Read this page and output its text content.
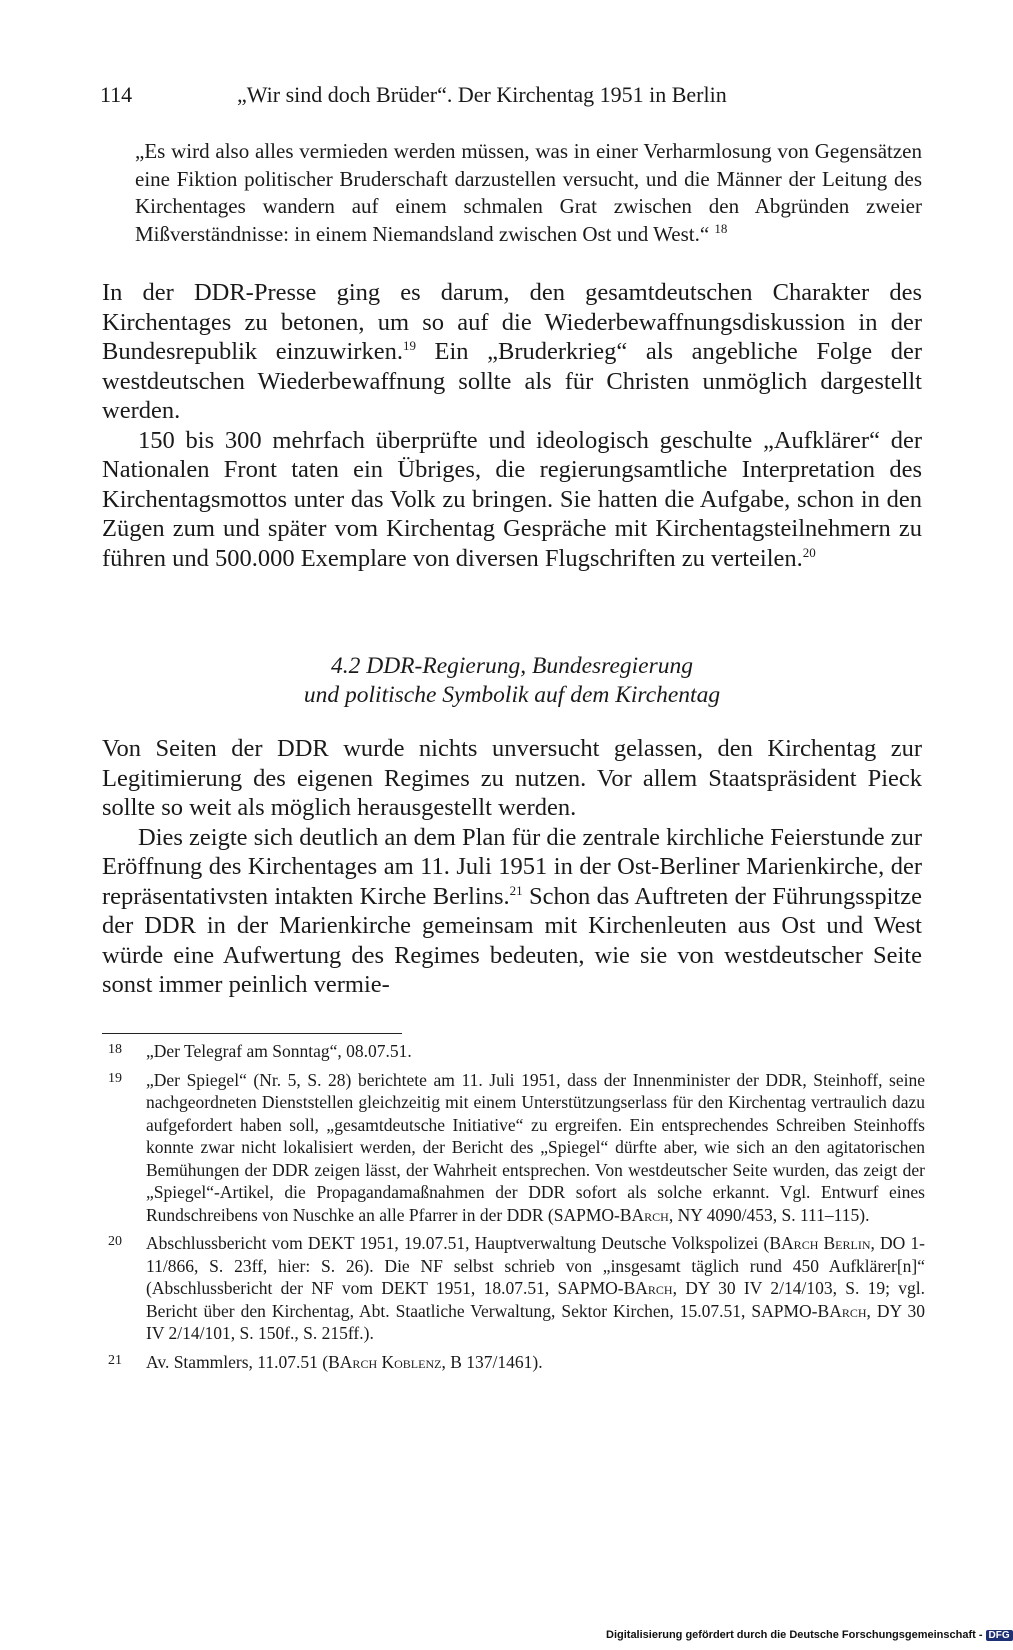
114	„Wir sind doch Brüder“. Der Kirchentag 1951 in Berlin
„Es wird also alles vermieden werden müssen, was in einer Verharmlosung von Gegensätzen eine Fiktion politischer Bruderschaft darzustellen versucht, und die Männer der Leitung des Kirchentages wandern auf einem schmalen Grat zwischen den Abgründen zweier Mißverständnisse: in einem Niemandsland zwischen Ost und West.“ $^{18}$

In der DDR-Presse ging es darum, den gesamtdeutschen Charakter des Kirchentages zu betonen, um so auf die Wiederbewaffnungsdiskussion in der Bundesrepublik einzuwirken.$^{19}$ Ein „Bruderkrieg“ als angebliche Folge der westdeutschen Wiederbewaffnung sollte als für Christen unmöglich dargestellt werden.

150 bis 300 mehrfach überprüfte und ideologisch geschulte „Aufklärer“ der Nationalen Front taten ein Übriges, die regierungsamtliche Interpretation des Kirchentagsmottos unter das Volk zu bringen. Sie hatten die Aufgabe, schon in den Zügen zum und später vom Kirchentag Gespräche mit Kirchentagsteilnehmern zu führen und 500.000 Exemplare von diversen Flugschriften zu verteilen.$^{20}$

4.2 DDR-Regierung, Bundesregierung
und politische Symbolik auf dem Kirchentag

Von Seiten der DDR wurde nichts unversucht gelassen, den Kirchentag zur Legitimierung des eigenen Regimes zu nutzen. Vor allem Staatspräsident Pieck sollte so weit als möglich herausgestellt werden.

Dies zeigte sich deutlich an dem Plan für die zentrale kirchliche Feierstunde zur Eröffnung des Kirchentages am 11. Juli 1951 in der Ost-Berliner Marienkirche, der repräsentativsten intakten Kirche Berlins.$^{21}$ Schon das Auftreten der Führungsspitze der DDR in der Marienkirche gemeinsam mit Kirchenleuten aus Ost und West würde eine Aufwertung des Regimes bedeuten, wie sie von westdeutscher Seite sonst immer peinlich vermie-

18 „Der Telegraf am Sonntag“, 08.07.51.
19 „Der Spiegel“ (Nr. 5, S. 28) berichtete am 11. Juli 1951, dass der Innenminister der DDR, Steinhoff, seine nachgeordneten Dienststellen gleichzeitig mit einem Unterstützungserlass für den Kirchentag vertraulich dazu aufgefordert haben soll, „gesamtdeutsche Initiative“ zu ergreifen. Ein entsprechendes Schreiben Steinhoffs konnte zwar nicht lokalisiert werden, der Bericht des „Spiegel“ dürfte aber, wie sich an den agitatorischen Bemühungen der DDR zeigen lässt, der Wahrheit entsprechen. Von westdeutscher Seite wurden, das zeigt der „Spiegel“-Artikel, die Propagandamaßnahmen der DDR sofort als solche erkannt. Vgl. Entwurf eines Rundschreibens von Nuschke an alle Pfarrer in der DDR (SAPMO-BArch, NY 4090/453, S. 111–115).
20 Abschlussbericht vom DEKT 1951, 19.07.51, Hauptverwaltung Deutsche Volkspolizei (BArch Berlin, DO 1-11/866, S. 23ff, hier: S. 26). Die NF selbst schrieb von „insgesamt täglich rund 450 Aufklärer[n]“ (Abschlussbericht der NF vom DEKT 1951, 18.07.51, SAPMO-BArch, DY 30 IV 2/14/103, S. 19; vgl. Bericht über den Kirchentag, Abt. Staatliche Verwaltung, Sektor Kirchen, 15.07.51, SAPMO-BArch, DY 30 IV 2/14/101, S. 150f., S. 215ff.).
21 Av. Stammlers, 11.07.51 (BArch Koblenz, B 137/1461).
Digitalisierung gefördert durch die Deutsche Forschungsgemeinschaft - DFG
